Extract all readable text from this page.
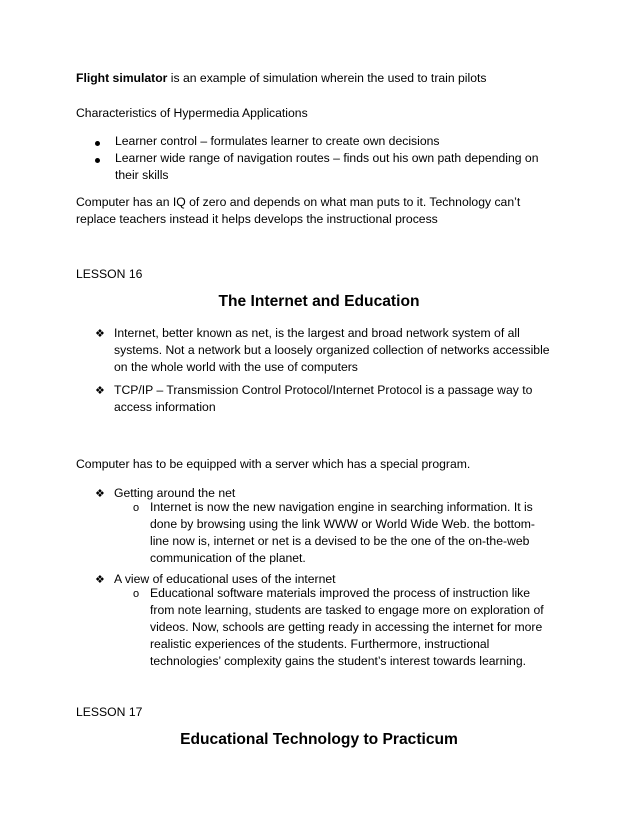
Flight simulator is an example of simulation wherein the used to train pilots
Characteristics of Hypermedia Applications
Learner control – formulates learner to create own decisions
Learner wide range of navigation routes – finds out his own path depending on
their skills
Computer has an IQ of zero and depends on what man puts to it. Technology can’t
replace teachers instead it helps develops the instructional process
LESSON 16
The Internet and Education
❖ Internet, better known as net, is the largest and broad network system of all
systems. Not a network but a loosely organized collection of networks accessible
on the whole world with the use of computers
❖ TCP/IP – Transmission Control Protocol/Internet Protocol is a passage way to
access information
Computer has to be equipped with a server which has a special program.
❖ Getting around the net
o Internet is now the new navigation engine in searching information. It is
done by browsing using the link WWW or World Wide Web. the bottom-
line now is, internet or net is a devised to be the one of the on-the-web
communication of the planet.
❖ A view of educational uses of the internet
o Educational software materials improved the process of instruction like
from note learning, students are tasked to engage more on exploration of
videos. Now, schools are getting ready in accessing the internet for more
realistic experiences of the students. Furthermore, instructional
technologies’ complexity gains the student’s interest towards learning.
LESSON 17
Educational Technology to Practicum
